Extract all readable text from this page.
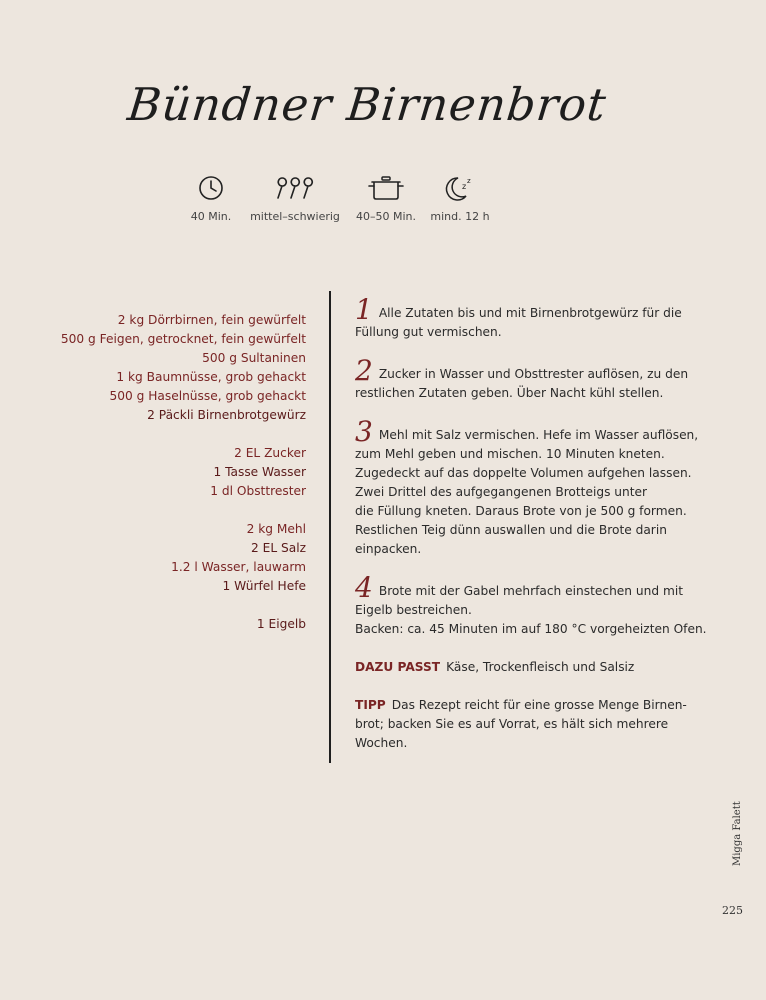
Bündner Birnenbrot
40 Min.	mittel–schwierig	40–50 Min.
z
z
mind. 12 h
2 kg Dörrbirnen, fein gewürfelt
500 g Feigen, getrocknet, fein gewürfelt
500 g Sultaninen
1 kg Baumnüsse, grob gehackt
500 g Haselnüsse, grob gehackt
2 Päckli Birnenbrotgewürz
2 EL Zucker
1 Tasse Wasser
1 dl Obsttrester
2 kg Mehl
2 EL Salz
1.2 l Wasser, lauwarm
1 Würfel Hefe
1 Eigelb
1 Alle Zutaten bis und mit Birnenbrotgewürz für die
Füllung gut vermischen.
2 Zucker in Wasser und Obsttrester auflösen, zu den
restlichen Zutaten geben. Über Nacht kühl stellen.
3 Mehl mit Salz vermischen. Hefe im Wasser auflösen,
zum Mehl geben und mischen. 10 Minuten kneten.
Zugedeckt auf das doppelte Volumen aufgehen lassen.
Zwei Drittel des aufgegangenen Brotteigs unter
die Füllung kneten. Daraus Brote von je 500 g formen.
Restlichen Teig dünn auswallen und die Brote darin
einpacken.
4 Brote mit der Gabel mehrfach einstechen und mit
Eigelb bestreichen.
Backen: ca. 45 Minuten im auf 180 °C vorgeheizten Ofen.
DAZU PASST Käse, Trockenfleisch und Salsiz
TIPP Das Rezept reicht für eine grosse Menge Birnen-
brot; backen Sie es auf Vorrat, es hält sich mehrere
Wochen.
Migga Falett
225
